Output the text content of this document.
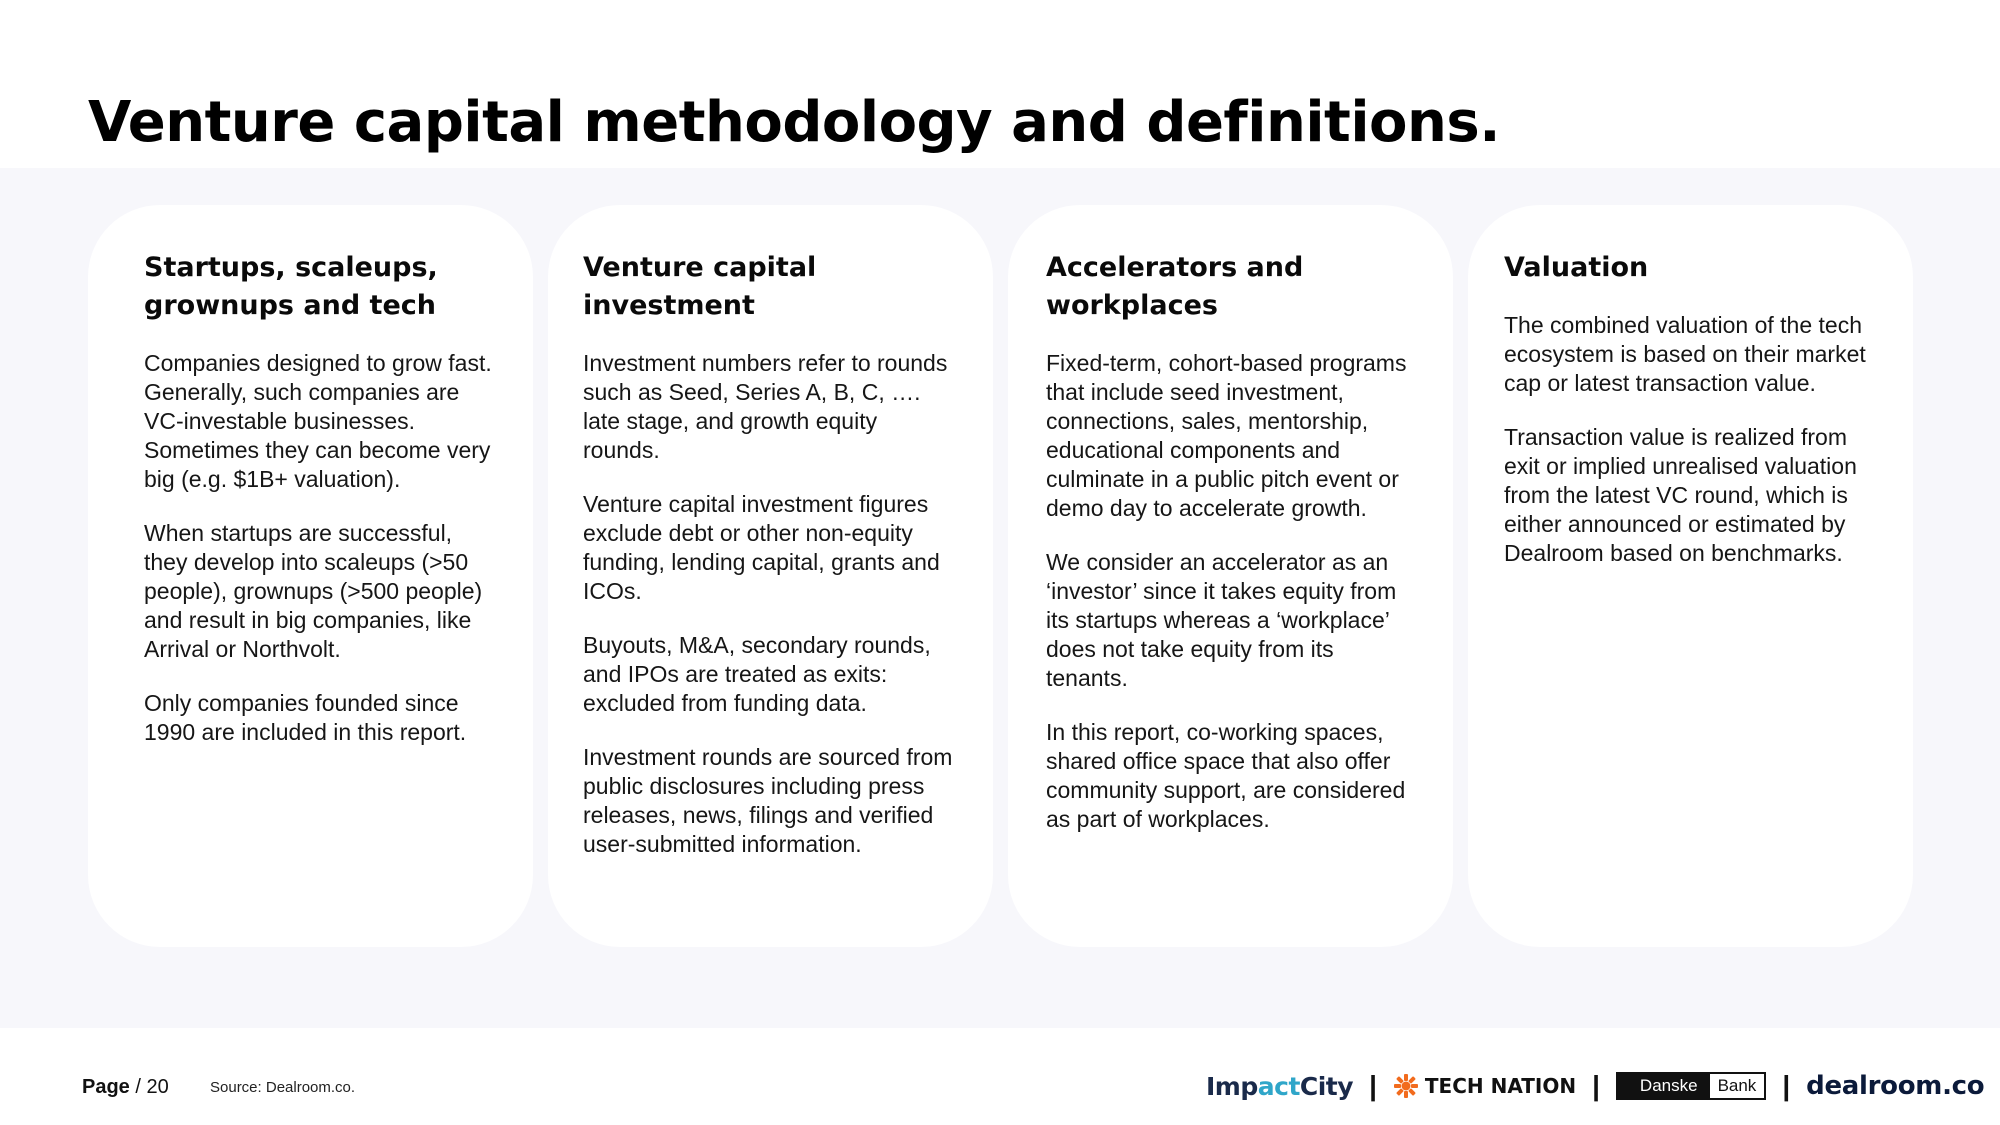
Venture capital methodology and definitions.
Startups, scaleups, grownups and tech

Companies designed to grow fast. Generally, such companies are VC-investable businesses. Sometimes they can become very big (e.g. $1B+ valuation).

When startups are successful, they develop into scaleups (>50 people), grownups (>500 people) and result in big companies, like Arrival or Northvolt.

Only companies founded since 1990 are included in this report.

Venture capital investment

Investment numbers refer to rounds such as Seed, Series A, B, C, …. late stage, and growth equity rounds.

Venture capital investment figures exclude debt or other non-equity funding, lending capital, grants and ICOs.

Buyouts, M&A, secondary rounds, and IPOs are treated as exits: excluded from funding data.

Investment rounds are sourced from public disclosures including press releases, news, filings and verified user-submitted information.

Accelerators and workplaces

Fixed-term, cohort-based programs that include seed investment, connections, sales, mentorship, educational components and culminate in a public pitch event or demo day to accelerate growth.

We consider an accelerator as an ‘investor’ since it takes equity from its startups whereas a ‘workplace’ does not take equity from its tenants.

In this report, co-working spaces, shared office space that also offer community support, are considered as part of workplaces.

Valuation

The combined valuation of the tech ecosystem is based on their market cap or latest transaction value.

Transaction value is realized from exit or implied unrealised valuation from the latest VC round, which is either announced or estimated by Dealroom based on benchmarks.

Page / 20	Source: Dealroom.co.	ImpactCity | TECH NATION |	Danske	Bank | dealroom.co
